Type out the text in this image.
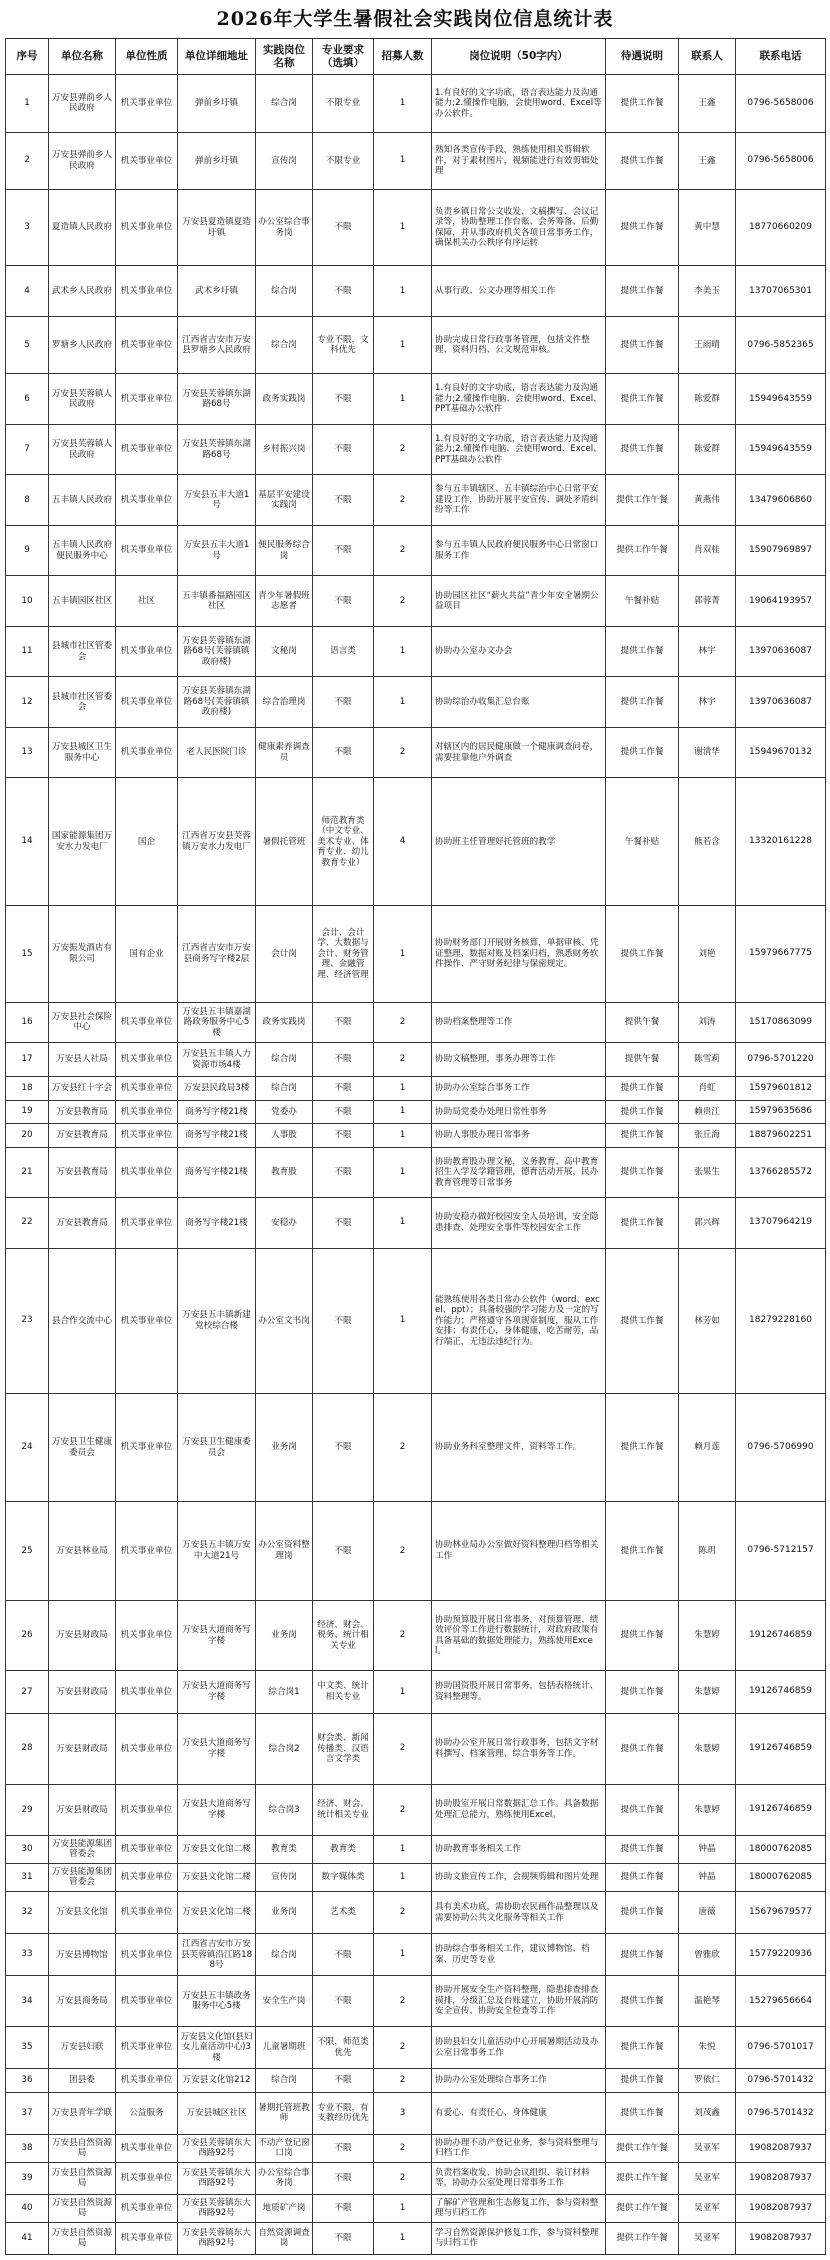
2026年大学生暑假社会实践岗位信息统计表
序号	单位名称	单位性质	单位详细地址	实践岗位名称	专业要求（选填）	招募人数	岗位说明（50字内）	待遇说明	联系人	联系电话
1	万安县弹前乡人民政府	机关事业单位	弹前乡圩镇	综合岗	不限专业	1	1.有良好的文字功底，语言表达能力及沟通能力;2.懂操作电脑，会使用word、Excel等办公软件。	提供工作餐	王鑫	0796-5658006
2	万安县弹前乡人民政府	机关事业单位	弹前乡圩镇	宣传岗	不限专业	1	熟知各类宣传手段，熟练使用相关剪辑软件，对于素材图片，视频能进行有效剪辑处理	提供工作餐	王鑫	0796-5658006
3	夏造镇人民政府	机关事业单位	万安县夏造镇夏造圩镇	办公室综合事务岗	不限	1	负责乡镇日常公文收发、文稿撰写、会议记录等，协助整理工作台账、会务筹备、后勤保障，并从事政府机关各项日常事务工作，确保机关办公秩序有序运转	提供工作餐	黄中慧	18770660209
4	武术乡人民政府	机关事业单位	武术乡圩镇	综合岗	不限	1	从事行政、公文办理等相关工作	提供工作餐	李美玉	13707065301
5	罗塘乡人民政府	机关事业单位	江西省吉安市万安县罗塘乡人民政府	综合岗	专业不限，文科优先	1	协助完成日常行政事务管理，包括文件整理、资料归档、公文规范审核。	提供工作餐	王雨晴	0796-5852365
6	万安县芙蓉镇人民政府	机关事业单位	万安县芙蓉镇东湖路68号	政务实践岗	不限	1	1.有良好的文字功底，语言表达能力及沟通能力;2.懂操作电脑、会使用word、Excel、PPT基础办公软件	提供工作餐	陈爱群	15949643559
7	万安县芙蓉镇人民政府	机关事业单位	万安县芙蓉镇东湖路68号	乡村振兴岗	不限	2	1.有良好的文字功底，语言表达能力及沟通能力;2.懂操作电脑、会使用word、Excel、PPT基础办公软件	提供工作餐	陈爱群	15949643559
8	五丰镇人民政府	机关事业单位	万安县五丰大道1号	基层平安建设实践岗	不限	2	参与五丰镇辖区、五丰镇综治中心日常平安建设工作，协助开展平安宣传、调处矛盾纠纷等工作	提供工作午餐	黄燕伟	13479606860
9	五丰镇人民政府便民服务中心	机关事业单位	万安县五丰大道1号	便民服务综合岗	不限	2	参与五丰镇人民政府便民服务中心日常窗口服务工作	提供工作午餐	肖双桂	15907969897
10	五丰镇园区社区	社区	五丰镇番福路园区社区	青少年暑假班志愿者	不限	2	协助园区社区“薪火共益”青少年安全暑期公益项目	午餐补贴	郭蓉菁	19064193957
11	县城市社区管委会	机关事业单位	万安县芙蓉镇东湖路68号(芙蓉镇镇政府楼)	文秘岗	语言类	1	协助办公室办文办会	提供工作餐	林宇	13970636087
12	县城市社区管委会	机关事业单位	万安县芙蓉镇东湖路68号(芙蓉镇镇政府楼)	综合治理岗	不限	1	协助综治办收集汇总台账	提供工作餐	林宇	13970636087
13	万安县城区卫生服务中心	机关事业单位	老人民医院门诊	健康素养调查员	不限	2	对辖区内的居民健康做一个健康调查问卷，需要挂靠他户外调查	提供工作餐	谢清华	15949670132
14	国家能源集团万安水力发电厂	国企	江西省万安县芙蓉镇万安水力发电厂	暑假托管班	师范教育类（中文专业、美术专业、体育专业、幼儿教育专业）	4	协助班主任管理好托管班的教学	午餐补贴	熊若含	13320161228
15	万安振发酒店有限公司	国有企业	江西省吉安市万安县商务写字楼2层	会计岗	会计、会计学、大数据与会计、财务管理、金融管理、经济管理	1	协助财务部门开展财务核算，单据审核、凭证整理、数据对账及档案归档，熟悉财务软件操作、严守财务纪律与保密规定。	提供工作餐	刘艳	15979667775
16	万安县社会保险中心	机关事业单位	万安县五丰镇嘉湖路政务服务中心5楼	政务实践岗	不限	2	协助档案整理等工作	提供午餐	刘涛	15170863099
17	万安县人社局	机关事业单位	万安县五丰镇人力资源市场4楼	综合岗	不限	2	协助文稿整理，事务办理等工作	提供午餐	陈雪莉	0796-5701220
18	万安县红十字会	机关事业单位	万安县民政局3楼	综合岗	不限	1	协助办公室综合事务工作	提供工作餐	肖虹	15979601812
19	万安县教育局	机关事业单位	商务写字楼21楼	党委办	不限	1	协助局党委办处理日常性事务	提供工作餐	赖贵江	15979635686
20	万安县教育局	机关事业单位	商务写字楼21楼	人事股	不限	1	协助人事股办理日常事务	提供工作餐	张丘海	18879602251
21	万安县教育局	机关事业单位	商务写字楼21楼	教育股	不限	1	协助教育股办理文秘，义务教育、高中教育招生入学及学籍管理，德育活动开展，民办教育管理等日常事务	提供工作餐	张果生	13766285572
22	万安县教育局	机关事业单位	商务写字楼21楼	安稳办	不限	1	协助安稳办做好校园安全人员培训，安全隐患排查、处理安全事件等校园安全工作	提供工作餐	郭兴辉	13707964219
23	县合作交流中心	机关事业单位	万安县五丰镇新建党校综合楼	办公室文书岗	不限	1	能熟练使用各类日常办公软件（word、excel、ppt）；具备较强的学习能力及一定的写作能力；严格遵守各项规章制度，服从工作安排；有责任心，身体健康，吃苦耐劳，品行端正，无违法违纪行为。	提供工作餐	林芳如	18279228160
24	万安县卫生健康委员会	机关事业单位	万安县卫生健康委员会	业务岗	不限	2	协助业务科室整理文件，资料等工作。	提供工作餐	赖月莲	0796-5706990
25	万安县林业局	机关事业单位	万安县五丰镇万安中大道21号	办公室资料整理岗	不限	2	协助林业局办公室做好资料整理归档等相关工作	提供工作餐	陈玥	0796-5712157
26	万安县财政局	机关事业单位	万安县大道商务写字楼	业务岗	经济、财会、税务、统计相关专业	2	协助预算股开展日常事务，对预算管理、绩效评价等工作进行数据统计，对政府政策有具备基础的数据处理能力，熟练使用Excel。	提供工作餐	朱慧婷	19126746859
27	万安县财政局	机关事业单位	万安县大道商务写字楼	综合岗1	中文类、统计相关专业	1	协助国资股开展日常事务，包括表格统计、资料整理等。	提供工作餐	朱慧婷	19126746859
28	万安县财政局	机关事业单位	万安县大道商务写字楼	综合岗2	财会类、新闻传播类、汉语言文学类	2	协助办公室开展日常行政事务，包括文字材料撰写、档案管理、综合事务等工作。	提供工作餐	朱慧婷	19126746859
29	万安县财政局	机关事业单位	万安县大道商务写字楼	综合岗3	经济、财会、统计相关专业	2	协助股室开展日常数据汇总工作。具备数据处理汇总能力，熟练使用Excel。	提供工作餐	朱慧婷	19126746859
30	万安县能源集团管委会	机关事业单位	万安县文化馆二楼	教育类	教育类	1	协助教育事务相关工作	提供工作餐	钟晶	18000762085
31	万安县能源集团管委会	机关事业单位	万安县文化馆二楼	宣传岗	数字媒体类	1	协助文旅宣传工作，会视频剪辑和图片处理	提供工作餐	钟晶	18000762085
32	万安县文化馆	机关事业单位	万安县文化馆二楼	业务岗	艺术类	2	具有美术功底，需协助农民画作品整理以及需要协助公共文化服务等相关工作	提供工作餐	唐薇	15679679577
33	万安县博物馆	机关事业单位	江西省吉安市万安县芙蓉镇沿江路188号	综合岗	不限	1	协助综合事务相关工作，建议博物馆、档案、历史等专业	提供工作餐	曾雅欣	15779220936
34	万安县商务局	机关事业单位	万安县五丰镇政务服务中心5楼	安全生产岗	不限	2	协助开展安全生产资料整理，隐患排查排查摸排，分级汇总及台账建立，协助开展消防安全宣传、协助安全检查等工作	提供工作餐	温艳琴	15279656664
35	万安县妇联	机关事业单位	万安县文化馆(县妇女儿童活动中心)3楼	儿童暑期班	不限，师范类优先	2	协助县妇女儿童活动中心开展暑期活动及办公室日常事务工作	提供工作餐	朱悦	0796-5701017
36	团县委	机关事业单位	万安县文化馆212	综合岗	不限	2	协助办公室处理综合事务工作	提供工作餐	罗依仁	0796-5701432
37	万安县青年学联	公益服务	万安县城区社区	暑期托管班教师	专业不限，有支教经历优先	3	有爱心、有责任心、身体健康	提供工作餐	刘茂鑫	0796-5701432
38	万安县自然资源局	机关事业单位	万安县芙蓉镇东大西路92号	不动产登记窗口岗	不限	2	协助办理不动产登记业务，参与资料整理与归档工作	提供工作午餐	吴亚军	19082087937
39	万安县自然资源局	机关事业单位	万安县芙蓉镇东大西路92号	办公室综合事务岗	不限	2	负责档案收发、协助会议组织、装订材料等，协助办公室处理日常事务工作	提供工作午餐	吴亚军	19082087937
40	万安县自然资源局	机关事业单位	万安县芙蓉镇东大西路92号	地质矿产岗	不限	1	了解矿产管理和生态修复工作，参与资料整理与归档工作	提供工作午餐	吴亚军	19082087937
41	万安县自然资源局	机关事业单位	万安县芙蓉镇东大西路92号	自然资源调查岗	不限	1	学习自然资源保护修复工作，参与资料整理与归档工作	提供工作午餐	吴亚军	19082087937
